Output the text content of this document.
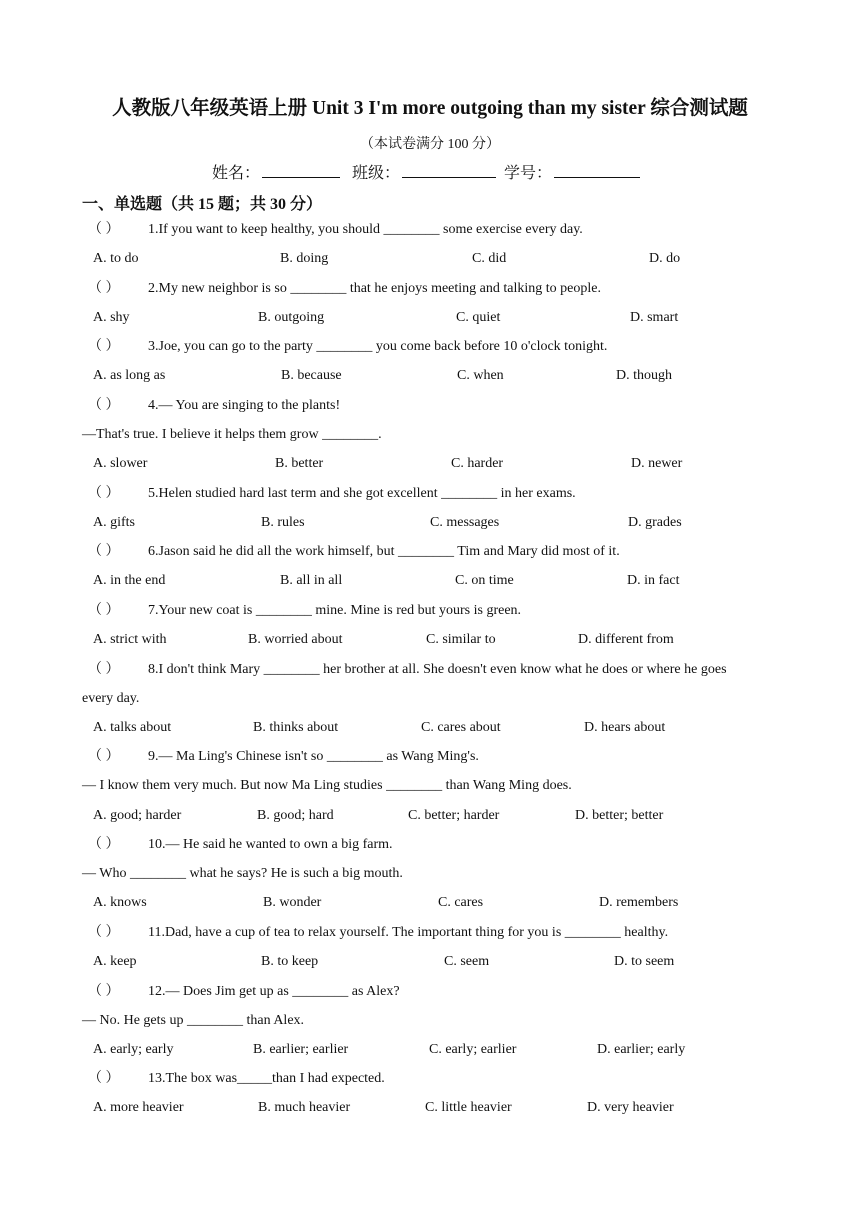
人教版八年级英语上册 Unit 3 I'm more outgoing than my sister 综合测试题
（本试卷满分 100 分）
姓名：	班级：	学号：
一、单选题（共 15 题；共 30 分）
（ ） 1.If you want to keep healthy, you should ________ some exercise every day.
A. to do	B. doing	C. did	D. do
（ ） 2.My new neighbor is so ________ that he enjoys meeting and talking to people.
A. shy	B. outgoing	C. quiet	D. smart
（ ） 3.Joe, you can go to the party ________ you come back before 10 o'clock tonight.
A. as long as	B. because	C. when	D. though
（ ） 4.— You are singing to the plants!
—That's true. I believe it helps them grow ________.
A. slower	B. better	C. harder	D. newer
（ ） 5.Helen studied hard last term and she got excellent ________ in her exams.
A. gifts	B. rules	C. messages	D. grades
（ ） 6.Jason said he did all the work himself, but ________ Tim and Mary did most of it.
A. in the end	B. all in all	C. on time	D. in fact
（ ） 7.Your new coat is ________ mine. Mine is red but yours is green.
A. strict with	B. worried about	C. similar to	D. different from
（ ） 8.I don't think Mary ________ her brother at all. She doesn't even know what he does or where he goes
every day.
A. talks about	B. thinks about	C. cares about	D. hears about
（ ） 9.— Ma Ling's Chinese isn't so ________ as Wang Ming's.
— I know them very much. But now Ma Ling studies ________ than Wang Ming does.
A. good; harder	B. good; hard	C. better; harder	D. better; better
（ ） 10.— He said he wanted to own a big farm.
— Who ________ what he says? He is such a big mouth.
A. knows	B. wonder	C. cares	D. remembers
（ ） 11.Dad, have a cup of tea to relax yourself. The important thing for you is ________ healthy.
A. keep	B. to keep	C. seem	D. to seem
（ ） 12.— Does Jim get up as ________ as Alex?
— No. He gets up ________ than Alex.
A. early; early	B. earlier; earlier	C. early; earlier	D. earlier; early
（ ） 13.The box was_____than I had expected.
A. more heavier	B. much heavier	C. little heavier	D. very heavier
